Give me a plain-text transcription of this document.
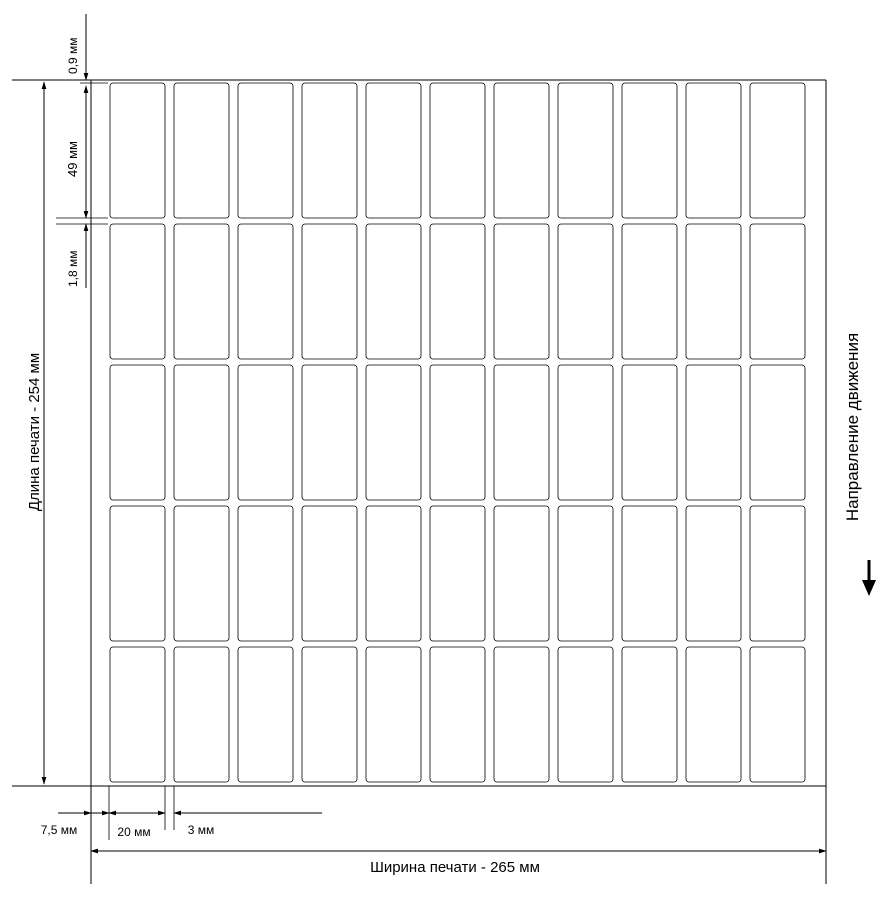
0,9 мм
49 мм
1,8 мм
Длина печати - 254 мм	Направление движения
7,5 мм	20 мм	3 мм
Ширина печати - 265 мм
